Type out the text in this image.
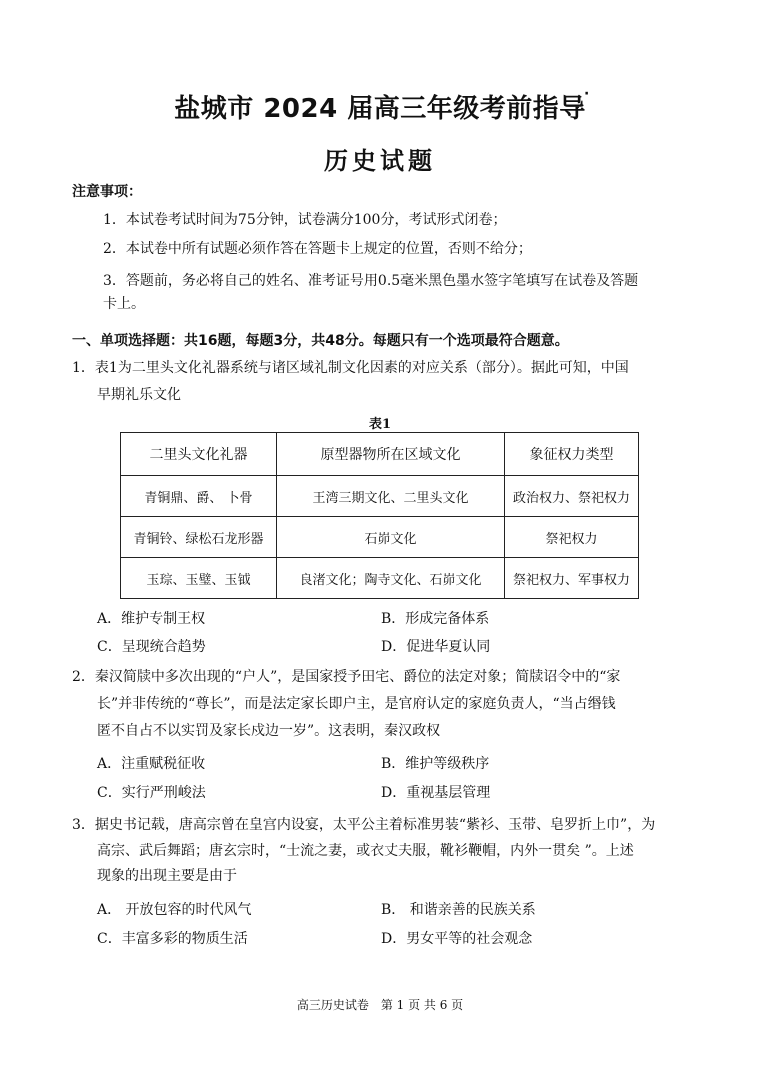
盐城市 2024 届高三年级考前指导
·
历史试题
注意事项：
1．本试卷考试时间为75分钟，试卷满分100分，考试形式闭卷；
2．本试卷中所有试题必须作答在答题卡上规定的位置，否则不给分；
3．答题前，务必将自己的姓名、准考证号用0.5毫米黑色墨水签字笔填写在试卷及答题
卡上。
一、单项选择题：共16题，每题3分，共48分。每题只有一个选项最符合题意。
1．表1为二里头文化礼器系统与诸区域礼制文化因素的对应关系（部分）。据此可知，中国
早期礼乐文化
表1
二里头文化礼器	原型器物所在区域文化	象征权力类型
青铜鼎、爵、 卜骨	王湾三期文化、二里头文化	政治权力、祭祀权力
青铜铃、绿松石龙形器	石峁文化	祭祀权力
玉琮、玉璧、玉钺	良渚文化；陶寺文化、石峁文化	祭祀权力、军事权力
A．维护专制王权	B．形成完备体系
C．呈现统合趋势	D．促进华夏认同
2．秦汉简牍中多次出现的“户人”，是国家授予田宅、爵位的法定对象；简牍诏令中的“家
长”并非传统的“尊长”，而是法定家长即户主，是官府认定的家庭负责人，“当占缗钱
匿不自占不以实罚及家长戍边一岁”。这表明，秦汉政权
A．注重赋税征收	B．维护等级秩序
C．实行严刑峻法	D．重视基层管理
3．据史书记载，唐高宗曾在皇宫内设宴，太平公主着标准男装“紫衫、玉带、皂罗折上巾”，为
高宗、武后舞蹈；唐玄宗时，“士流之妻，或衣丈夫服，靴衫鞭帽，内外一贯矣 ”。上述
现象的出现主要是由于
A． 开放包容的时代风气	B． 和谐亲善的民族关系
C．丰富多彩的物质生活	D．男女平等的社会观念
高三历史试卷　第 1 页 共 6 页
